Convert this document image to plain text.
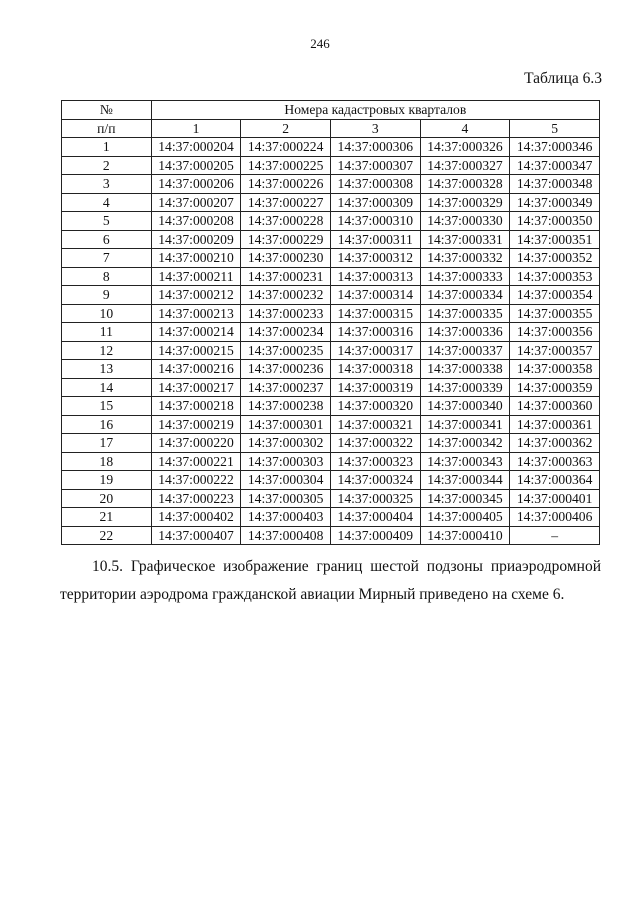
246
Таблица 6.3
№	Номера кадастровых кварталов				
п/п	1	2	3	4	5
1	14:37:000204	14:37:000224	14:37:000306	14:37:000326	14:37:000346
2	14:37:000205	14:37:000225	14:37:000307	14:37:000327	14:37:000347
3	14:37:000206	14:37:000226	14:37:000308	14:37:000328	14:37:000348
4	14:37:000207	14:37:000227	14:37:000309	14:37:000329	14:37:000349
5	14:37:000208	14:37:000228	14:37:000310	14:37:000330	14:37:000350
6	14:37:000209	14:37:000229	14:37:000311	14:37:000331	14:37:000351
7	14:37:000210	14:37:000230	14:37:000312	14:37:000332	14:37:000352
8	14:37:000211	14:37:000231	14:37:000313	14:37:000333	14:37:000353
9	14:37:000212	14:37:000232	14:37:000314	14:37:000334	14:37:000354
10	14:37:000213	14:37:000233	14:37:000315	14:37:000335	14:37:000355
11	14:37:000214	14:37:000234	14:37:000316	14:37:000336	14:37:000356
12	14:37:000215	14:37:000235	14:37:000317	14:37:000337	14:37:000357
13	14:37:000216	14:37:000236	14:37:000318	14:37:000338	14:37:000358
14	14:37:000217	14:37:000237	14:37:000319	14:37:000339	14:37:000359
15	14:37:000218	14:37:000238	14:37:000320	14:37:000340	14:37:000360
16	14:37:000219	14:37:000301	14:37:000321	14:37:000341	14:37:000361
17	14:37:000220	14:37:000302	14:37:000322	14:37:000342	14:37:000362
18	14:37:000221	14:37:000303	14:37:000323	14:37:000343	14:37:000363
19	14:37:000222	14:37:000304	14:37:000324	14:37:000344	14:37:000364
20	14:37:000223	14:37:000305	14:37:000325	14:37:000345	14:37:000401
21	14:37:000402	14:37:000403	14:37:000404	14:37:000405	14:37:000406
22	14:37:000407	14:37:000408	14:37:000409	14:37:000410	–
10.5. Графическое изображение границ шестой подзоны приаэродромной территории аэродрома гражданской авиации Мирный приведено на схеме 6.
